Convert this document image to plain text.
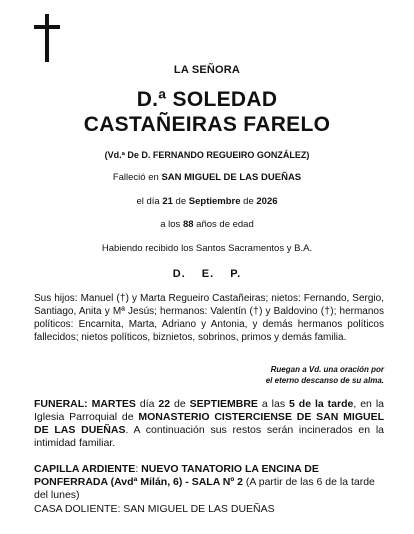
LA SEÑORA
D.ª SOLEDAD
CASTAÑEIRAS FARELO
(Vd.ª De D. FERNANDO REGUEIRO GONZÁLEZ)
Falleció en SAN MIGUEL DE LAS DUEÑAS
el día 21 de Septiembre de 2026
a los 88 años de edad
Habiendo recibido los Santos Sacramentos y B.A.
D. E. P.
Sus hijos: Manuel (†) y Marta Regueiro Castañeiras; nietos: Fernando, Sergio, Santiago, Anita y Mª Jesús; hermanos: Valentín (†) y Baldovino (†); hermanos políticos: Encarnita, Marta, Adriano y Antonia, y demás hermanos políticos fallecidos; nietos políticos, biznietos, sobrinos, primos y demás familia.
Ruegan a Vd. una oración por
el eterno descanso de su alma.
FUNERAL: MARTES día 22 de SEPTIEMBRE a las 5 de la tarde, en la Iglesia Parroquial de MONASTERIO CISTERCIENSE DE SAN MIGUEL DE LAS DUEÑAS. A continuación sus restos serán incinerados en la intimidad familiar.
CAPILLA ARDIENTE: NUEVO TANATORIO LA ENCINA DE PONFERRADA (Avdª Milán, 6) - SALA Nº 2 (A partir de las 6 de la tarde del lunes)
CASA DOLIENTE: SAN MIGUEL DE LAS DUEÑAS
